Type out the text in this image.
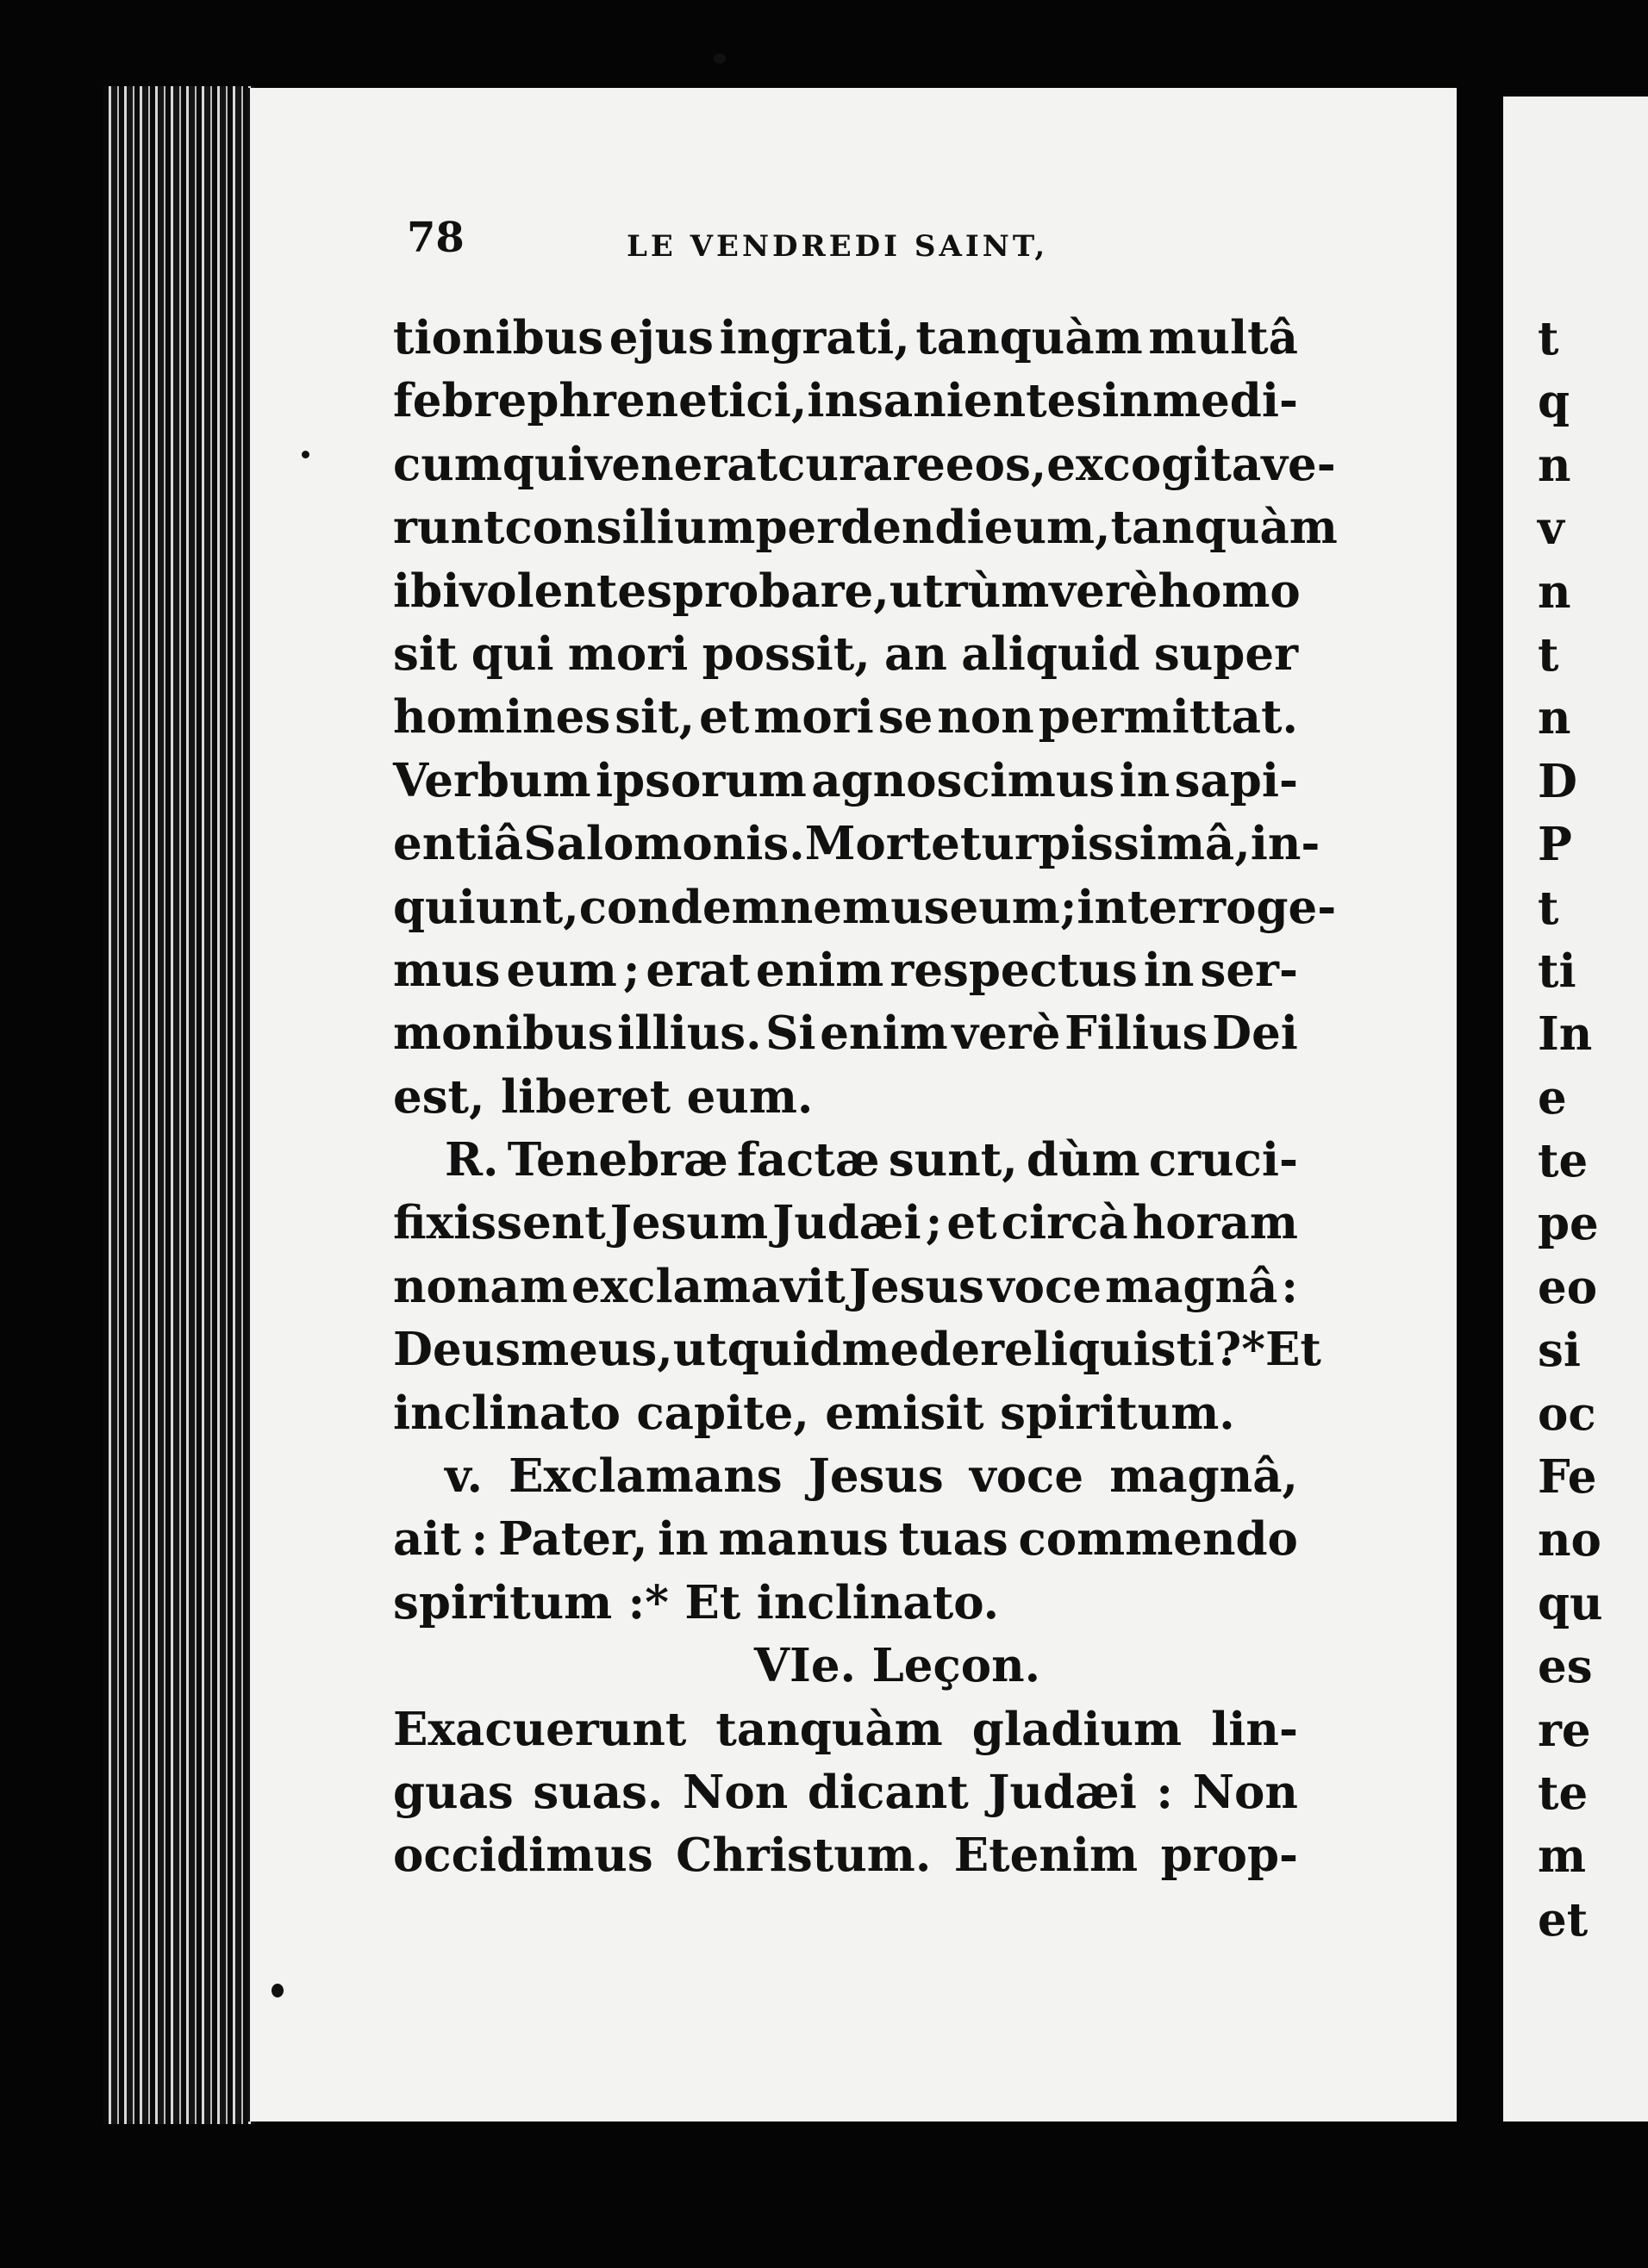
t
q
n
v
n
t
n
D
P
t
ti
In
e
te
pe
eo
si
oc
Fe
no
qu
es
re
te
m
et
78	LE VENDREDI SAINT,
tionibus ejus ingrati, tanquàm multâ
febre phrenetici, insanientes in medi-
cum qui venerat curare eos, excogitave-
runt consilium perdendi eum, tanquàm
ibi volentes probare, utrùm verè homo
sit qui mori possit, an aliquid super
homines sit, et mori se non permittat.
Verbum ipsorum agnoscimus in sapi-
entiâ Salomonis. Morte turpissimâ, in-
quiunt, condemnemus eum ; interroge-
mus eum ; erat enim respectus in ser-
monibus illius. Si enim verè Filius Dei
est, liberet eum.
R. Tenebræ factæ sunt, dùm cruci-
fixissent Jesum Judæi ; et circà horam
nonam exclamavit Jesus voce magnâ :
Deus meus, ut quid me dereliquisti ?* Et
inclinato capite, emisit spiritum.
v. Exclamans Jesus voce magnâ,
ait : Pater, in manus tuas commendo
spiritum :* Et inclinato.
VIe. Leçon.
Exacuerunt tanquàm gladium lin-
guas suas. Non dicant Judæi : Non
occidimus Christum. Etenim prop-
